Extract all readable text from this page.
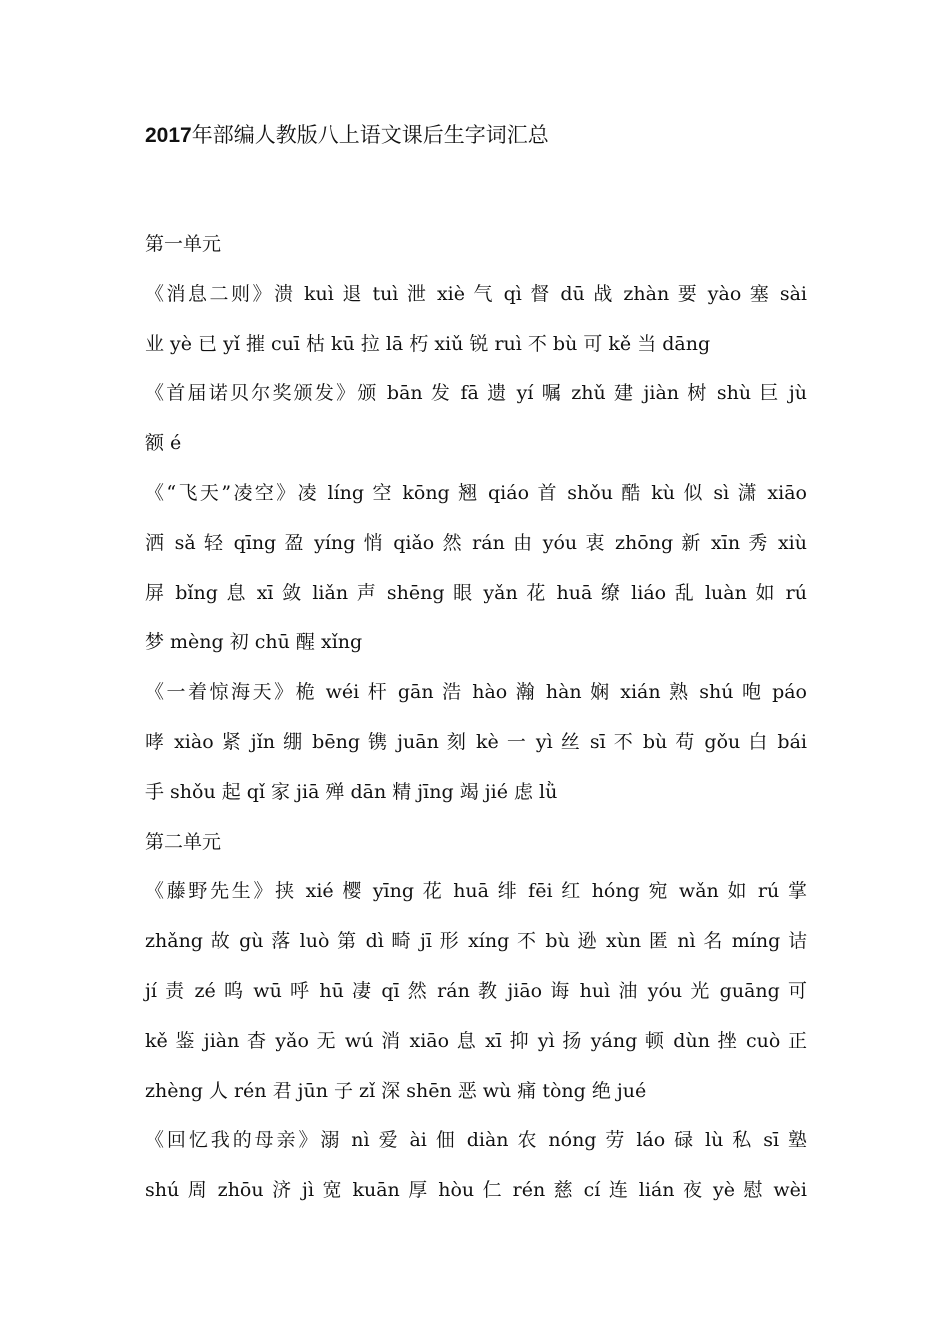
2017年部编人教版八上语文课后生字词汇总
第一单元
《消息二则》溃 kuì 退 tuì 泄 xiè 气 qì 督 dū 战 zhàn 要 yào 塞 sài
业 yè 已 yǐ 摧 cuī 枯 kū 拉 lā 朽 xiǔ 锐 ruì 不 bù 可 kě 当 dāng
《首届诺贝尔奖颁发》颁 bān 发 fā 遗 yí 嘱 zhǔ 建 jiàn 树 shù 巨 jù
额 é
《“飞天”凌空》凌 líng 空 kōng 翘 qiáo 首 shǒu 酷 kù 似 sì 潇 xiāo
洒 sǎ 轻 qīng 盈 yíng 悄 qiǎo 然 rán 由 yóu 衷 zhōng 新 xīn 秀 xiù
屏 bǐng 息 xī 敛 liǎn 声 shēng 眼 yǎn 花 huā 缭 liáo 乱 luàn 如 rú
梦 mèng 初 chū 醒 xǐng
《一着惊海天》桅 wéi 杆 gān 浩 hào 瀚 hàn 娴 xián 熟 shú 咆 páo
哮 xiào 紧 jǐn 绷 bēng 镌 juān 刻 kè 一 yì 丝 sī 不 bù 苟 gǒu 白 bái
手 shǒu 起 qǐ 家 jiā 殚 dān 精 jīng 竭 jié 虑 lǜ
第二单元
《藤野先生》挟 xié 樱 yīng 花 huā 绯 fēi 红 hóng 宛 wǎn 如 rú 掌
zhǎng 故 gù 落 luò 第 dì 畸 jī 形 xíng 不 bù 逊 xùn 匿 nì 名 míng 诘
jí 责 zé 呜 wū 呼 hū 凄 qī 然 rán 教 jiāo 诲 huì 油 yóu 光 guāng 可
kě 鉴 jiàn 杳 yǎo 无 wú 消 xiāo 息 xī 抑 yì 扬 yáng 顿 dùn 挫 cuò 正
zhèng 人 rén 君 jūn 子 zǐ 深 shēn 恶 wù 痛 tòng 绝 jué
《回忆我的母亲》溺 nì 爱 ài 佃 diàn 农 nóng 劳 láo 碌 lù 私 sī 塾
shú 周 zhōu 济 jì 宽 kuān 厚 hòu 仁 rén 慈 cí 连 lián 夜 yè 慰 wèi
